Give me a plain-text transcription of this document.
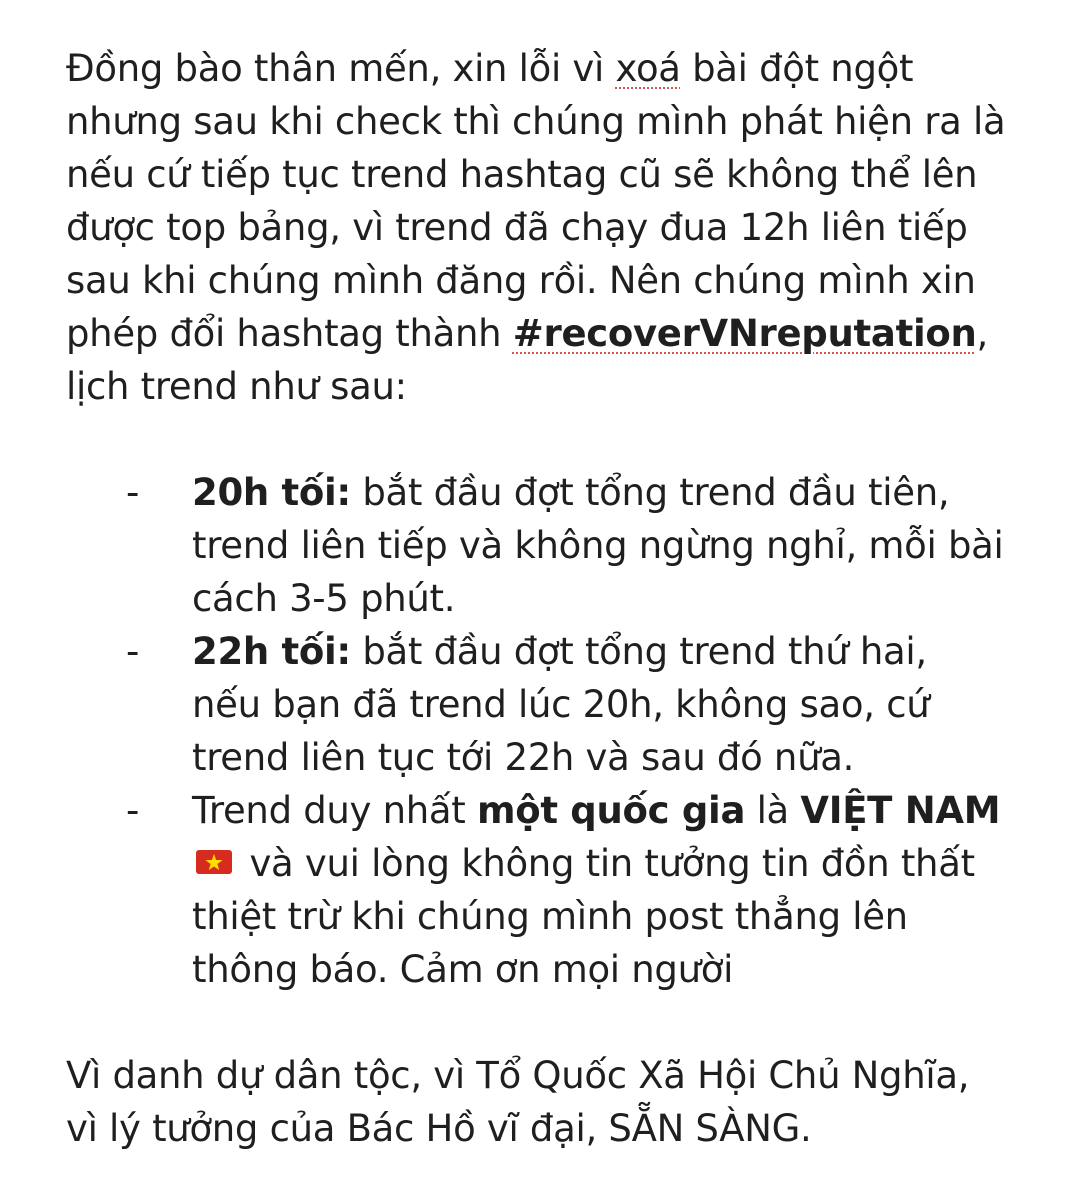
Đồng bào thân mến, xin lỗi vì xoá bài đột ngột nhưng sau khi check thì chúng mình phát hiện ra là nếu cứ tiếp tục trend hashtag cũ sẽ không thể lên được top bảng, vì trend đã chạy đua 12h liên tiếp sau khi chúng mình đăng rồi. Nên chúng mình xin phép đổi hashtag thành #recoverVNreputation, lịch trend như sau:

- 20h tối: bắt đầu đợt tổng trend đầu tiên, trend liên tiếp và không ngừng nghỉ, mỗi bài cách 3-5 phút.
- 22h tối: bắt đầu đợt tổng trend thứ hai, nếu bạn đã trend lúc 20h, không sao, cứ trend liên tục tới 22h và sau đó nữa.
- Trend duy nhất một quốc gia là VIỆT NAM
và vui lòng không tin tưởng tin đồn thất thiệt trừ khi chúng mình post thẳng lên thông báo. Cảm ơn mọi người

Vì danh dự dân tộc, vì Tổ Quốc Xã Hội Chủ Nghĩa, vì lý tưởng của Bác Hồ vĩ đại, SẴN SÀNG.
